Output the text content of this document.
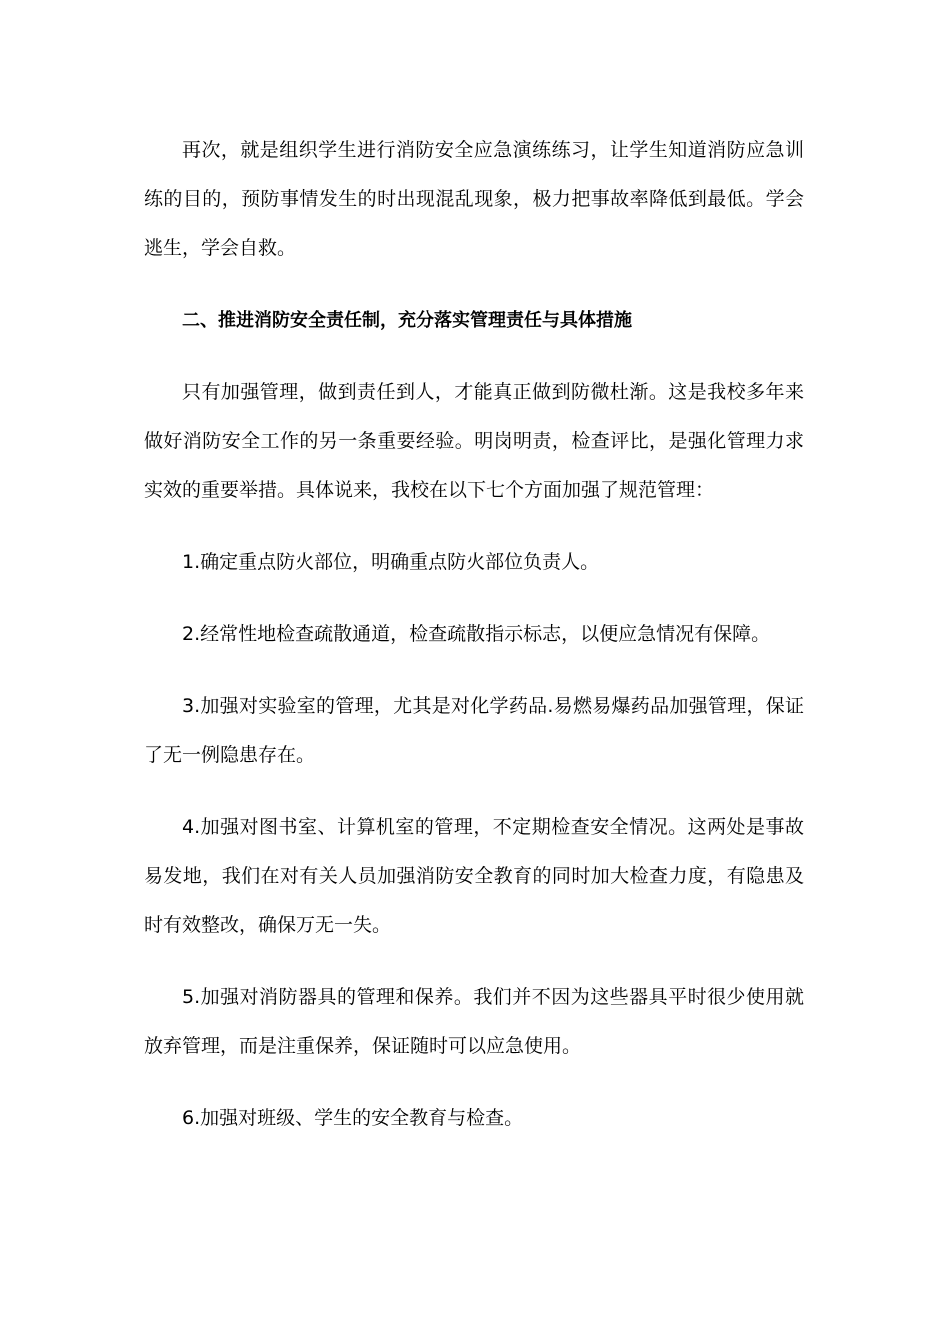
再次，就是组织学生进行消防安全应急演练练习，让学生知道消防应急训练的目的，预防事情发生的时出现混乱现象，极力把事故率降低到最低。学会逃生，学会自救。

二、推进消防安全责任制，充分落实管理责任与具体措施

只有加强管理，做到责任到人，才能真正做到防微杜渐。这是我校多年来做好消防安全工作的另一条重要经验。明岗明责，检查评比，是强化管理力求实效的重要举措。具体说来，我校在以下七个方面加强了规范管理：

1.确定重点防火部位，明确重点防火部位负责人。

2.经常性地检查疏散通道，检查疏散指示标志，以便应急情况有保障。

3.加强对实验室的管理，尤其是对化学药品.易燃易爆药品加强管理，保证了无一例隐患存在。

4.加强对图书室、计算机室的管理，不定期检查安全情况。这两处是事故易发地，我们在对有关人员加强消防安全教育的同时加大检查力度，有隐患及时有效整改，确保万无一失。

5.加强对消防器具的管理和保养。我们并不因为这些器具平时很少使用就放弃管理，而是注重保养，保证随时可以应急使用。

6.加强对班级、学生的安全教育与检查。
